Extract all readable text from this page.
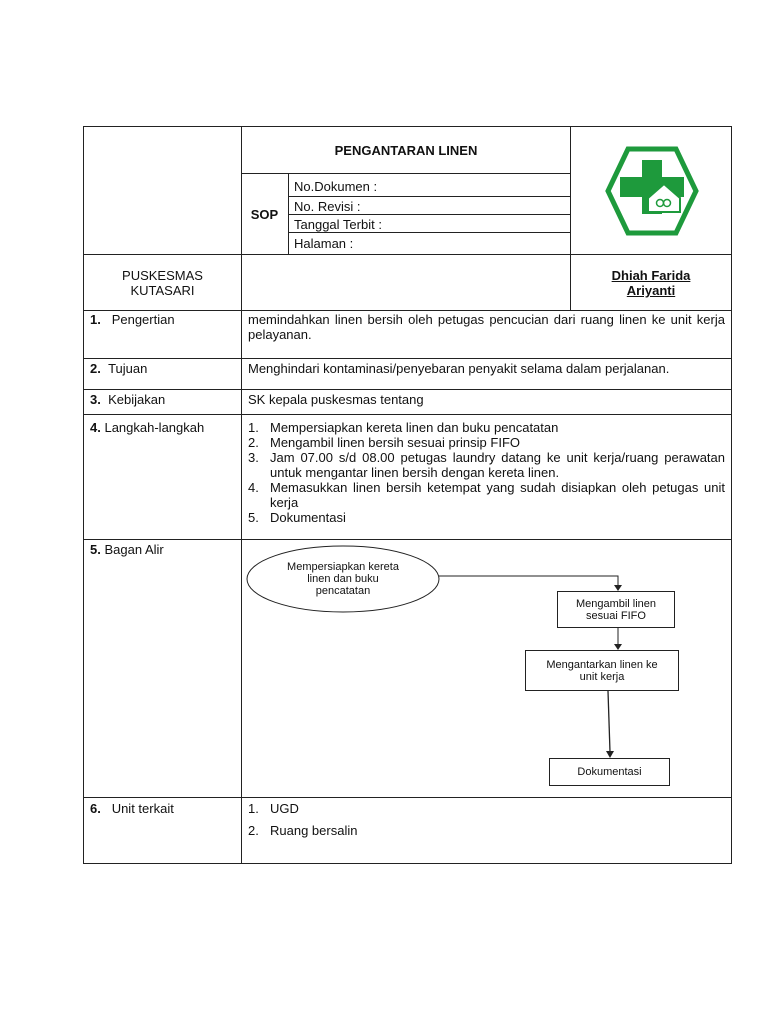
PENGANTARAN LINEN
SOP
No.Dokumen :
No. Revisi :
Tanggal Terbit :
Halaman :
PUSKESMAS
KUTASARI
Dhiah Farida
Ariyanti
1. Pengertian	memindahkan linen bersih oleh petugas pencucian dari ruang linen ke unit kerja pelayanan.
2. Tujuan	Menghindari kontaminasi/penyebaran penyakit selama dalam perjalanan.
3. Kebijakan	SK kepala puskesmas tentang
4. Langkah-langkah	1. Mempersiapkan kereta linen dan buku pencatatan
2. Mengambil linen bersih sesuai prinsip FIFO
3. Jam 07.00 s/d 08.00 petugas laundry datang ke unit kerja/ruang perawatan untuk mengantar linen bersih dengan kereta linen.
4. Memasukkan linen bersih ketempat yang sudah disiapkan oleh petugas unit kerja
5. Dokumentasi
5. Bagan Alir
Mempersiapkan kereta linen dan buku pencatatan
Mengambil linen sesuai FIFO
Mengantarkan linen ke unit kerja
Dokumentasi
6. Unit terkait	1. UGD
2. Ruang bersalin
